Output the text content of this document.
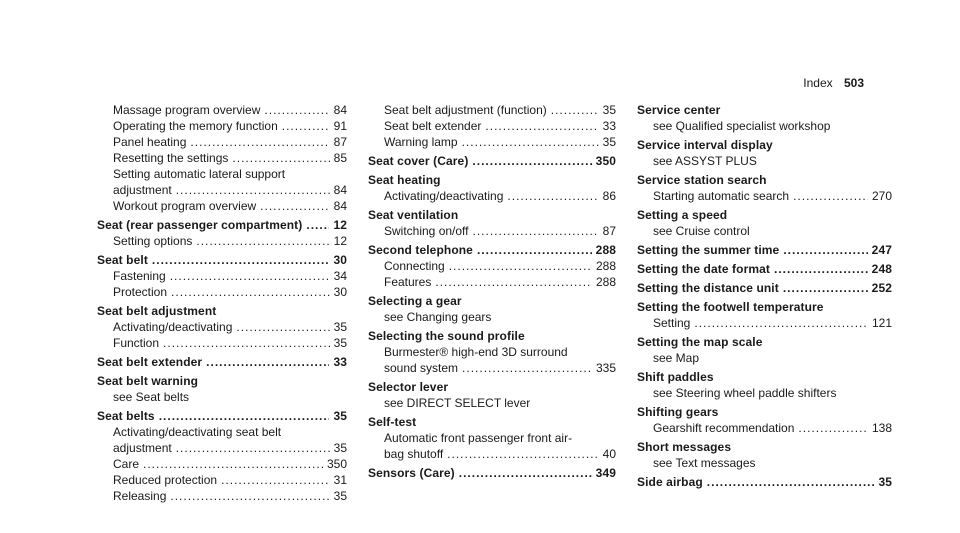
Index 503
Massage program overview .....	84
Operating the memory function .....	91
Panel heating .....	87
Resetting the settings .....	85
Setting automatic lateral support
adjustment .....	84
Workout program overview .....	84
Seat (rear passenger compartment) .....	12
Setting options .....	12
Seat belt .....	30
Fastening .....	34
Protection .....	30
Seat belt adjustment
Activating/deactivating .....	35
Function .....	35
Seat belt extender .....	33
Seat belt warning
see Seat belts
Seat belts .....	35
Activating/deactivating seat belt
adjustment .....	35
Care .....	350
Reduced protection .....	31
Releasing .....	35
Seat belt adjustment (function) .....	35
Seat belt extender .....	33
Warning lamp .....	35
Seat cover (Care) .....	350
Seat heating
Activating/deactivating .....	86
Seat ventilation
Switching on/off .....	87
Second telephone .....	288
Connecting .....	288
Features .....	288
Selecting a gear
see Changing gears
Selecting the sound profile
Burmester® high-end 3D surround
sound system .....	335
Selector lever
see DIRECT SELECT lever
Self-test
Automatic front passenger front air-
bag shutoff .....	40
Sensors (Care) .....	349
Service center
see Qualified specialist workshop
Service interval display
see ASSYST PLUS
Service station search
Starting automatic search .....	270
Setting a speed
see Cruise control
Setting the summer time .....	247
Setting the date format .....	248
Setting the distance unit .....	252
Setting the footwell temperature
Setting .....	121
Setting the map scale
see Map
Shift paddles
see Steering wheel paddle shifters
Shifting gears
Gearshift recommendation .....	138
Short messages
see Text messages
Side airbag .....	35
